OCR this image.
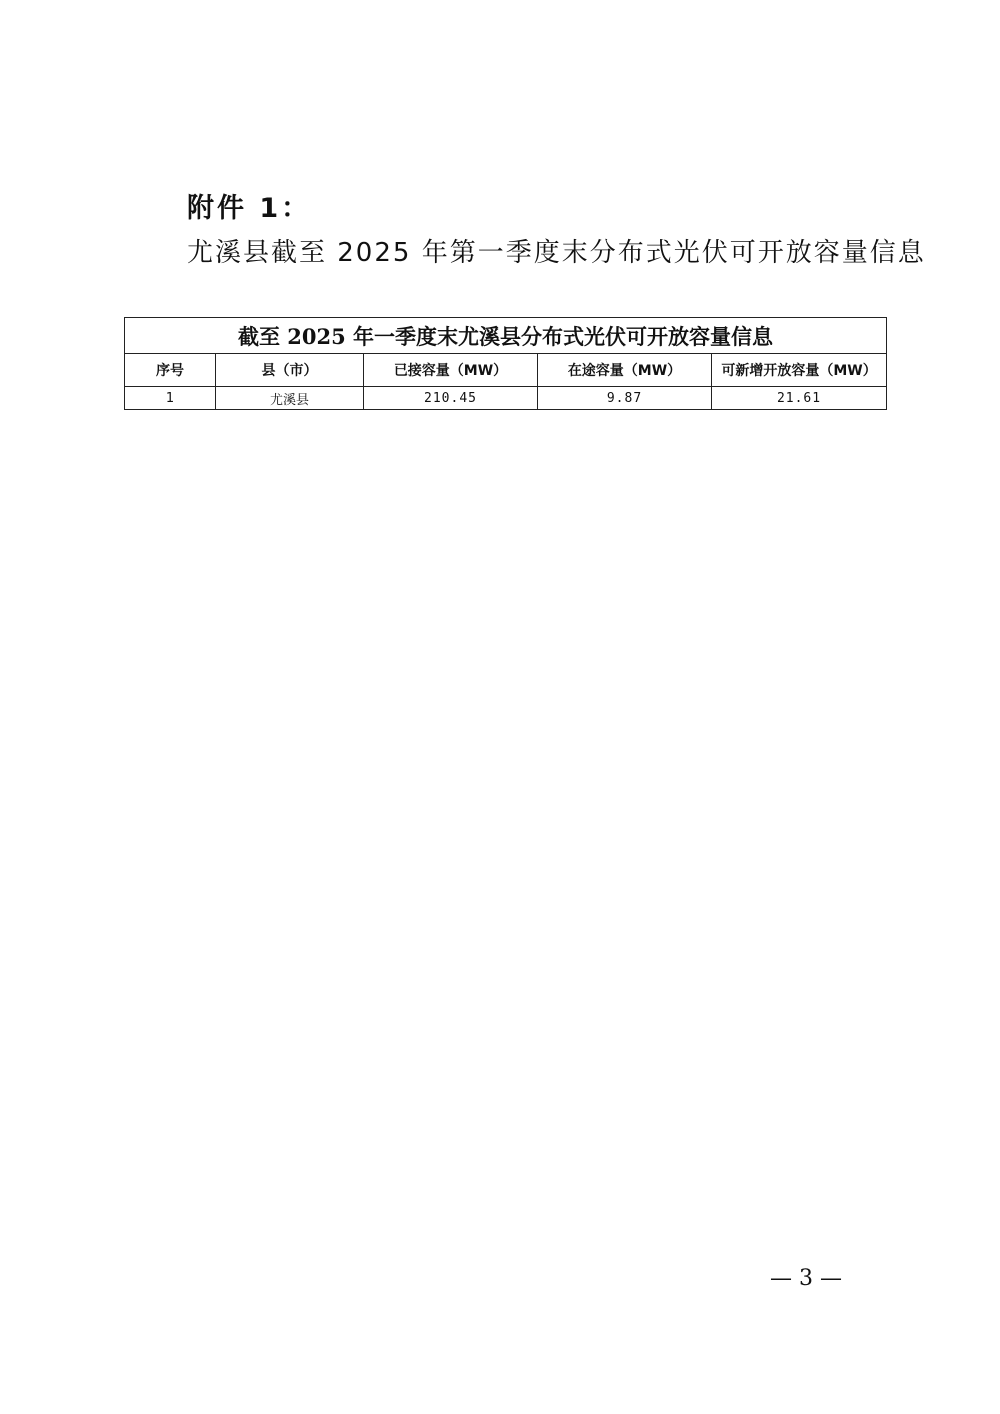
附件 1：
尤溪县截至 2025 年第一季度末分布式光伏可开放容量信息
截至 2025 年一季度末尤溪县分布式光伏可开放容量信息				
序号	县（市）	已接容量（MW）	在途容量（MW）	可新增开放容量（MW）
1	尤溪县	210.45	9.87	21.61
— 3 —
